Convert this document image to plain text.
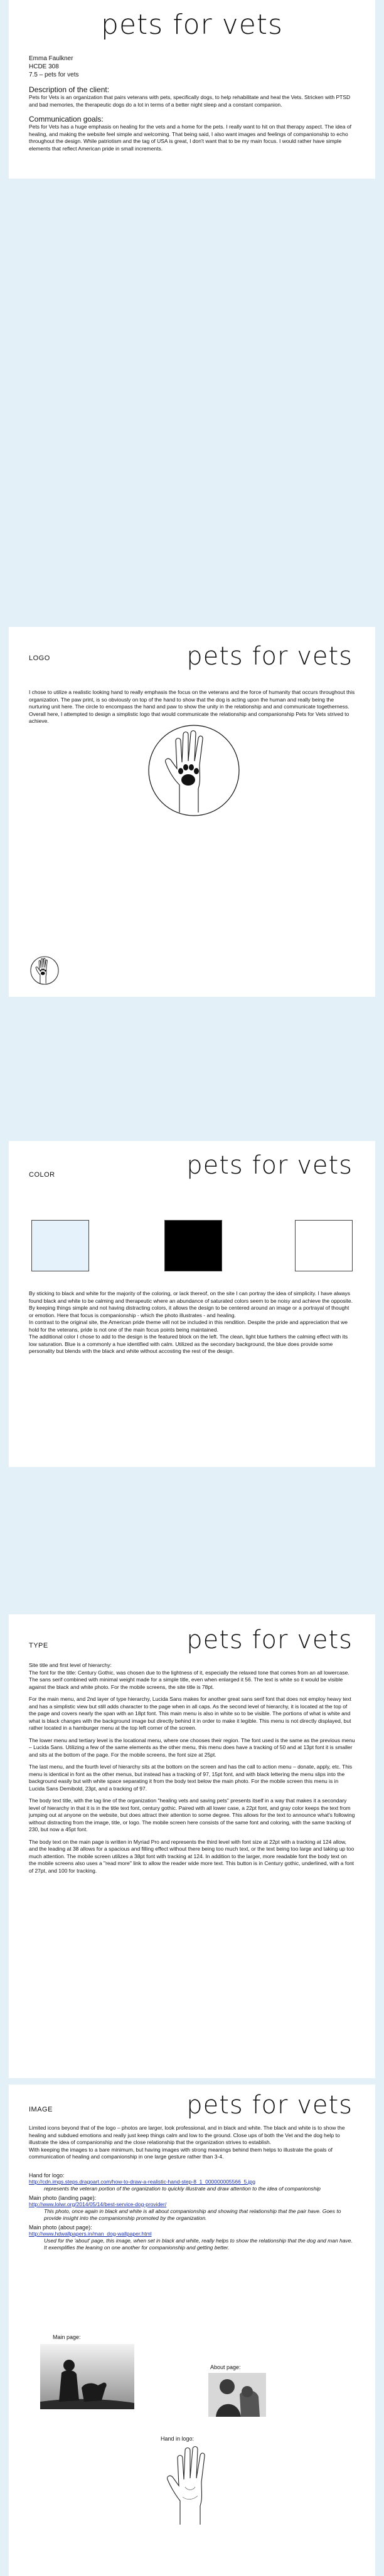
pets for vets
Emma Faulkner
HCDE 308
7.5 – pets for vets
Description of the client:

Pets for Vets is an organization that pairs veterans with pets, specifically dogs, to help rehabilitate and heal the Vets. Stricken with PTSD and bad memories, the therapeutic dogs do a lot in terms of a better night sleep and a constant companion.

Communication goals:

Pets for Vets has a huge emphasis on healing for the vets and a home for the pets. I really want to hit on that therapy aspect. The idea of healing, and making the website feel simple and welcoming. That being said, I also want images and feelings of companionship to echo throughout the design. While patriotism and the tag of USA is great, I don't want that to be my main focus. I would rather have simple elements that reflect American pride in small increments.

LOGO	pets for vets

I chose to utilize a realistic looking hand to really emphasis the focus on the veterans and the force of humanity that occurs throughout this organization. The paw print, is so obviously on top of the hand to show that the dog is acting upon the human and really being the nurturing unit here. The circle to encompass the hand and paw to show the unity in the relationship and and communicate togetherness. Overall here, I attempted to design a simplistic logo that would communicate the relationship and companionship Pets for Vets strived to achieve.

COLOR	pets for vets

By sticking to black and white for the majority of the coloring, or lack thereof, on the site I can portray the idea of simplicity. I have always found black and white to be calming and therapeutic where an abundance of saturated colors seem to be noisy and achieve the opposite. By keeping things simple and not having distracting colors, it allows the design to be centered around an image or a portrayal of thought or emotion. Here that focus is companionship - which the photo illustrates - and healing.

In contrast to the original site, the American pride theme will not be included in this rendition. Despite the pride and appreciation that we hold for the veterans, pride is not one of the main focus points being maintained.

The additional color I chose to add to the design is the featured block on the left. The clean, light blue furthers the calming effect with its low saturation. Blue is a commonly a hue identified with calm. Utilized as the secondary background, the blue does provide some personality but blends with the black and white without accosting the rest of the design.

TYPE	pets for vets

Site title and first level of hierarchy:

The font for the title: Century Gothic, was chosen due to the lightness of it, especially the relaxed tone that comes from an all lowercase. The sans serif combined with minimal weight made for a simple title, even when enlarged it 56. The text is white so it would be visible against the black and white photo. For the mobile screens, the site title is 78pt.

For the main menu, and 2nd layer of type hierarchy, Lucida Sans makes for another great sans serif font that does not employ heavy text and has a simplistic view but still adds character to the page when in all caps. As the second level of hierarchy, it is located at the top of the page and covers nearly the span with an 18pt font. This main menu is also in white so to be visible. The portions of what is white and what is black changes with the background image but directly behind it in order to make it legible. This menu is not directly displayed, but rather located in a hamburger menu at the top left corner of the screen.

The lower menu and tertiary level is the locational menu, where one chooses their region. The font used is the same as the previous menu – Lucida Sans. Utilizing a few of the same elements as the other menu, this menu does have a tracking of 50 and at 13pt font it is smaller and sits at the bottom of the page. For the mobile screens, the font size at 25pt.

The last menu, and the fourth level of hierarchy sits at the bottom on the screen and has the call to action menu – donate, apply, etc. This menu is identical in font as the other menus, but instead has a tracking of 97, 15pt font, and with black lettering the menu slips into the background easily but with white space separating it from the body text below the main photo. For the mobile screen this menu is in Lucida Sans Demibold, 23pt, and a tracking of 97.

The body text title, with the tag line of the organization "healing vets and saving pets" presents itself in a way that makes it a secondary level of hierarchy in that it is in the title text font, century gothic. Paired with all lower case, a 22pt font, and gray color keeps the text from jumping out at anyone on the website, but does attract their attention to some degree. This allows for the text to announce what's following without distracting from the image, title, or logo. The mobile screen here consists of the same font and coloring, with the same tracking of 230, but now a 45pt font.

The body text on the main page is written in Myriad Pro and represents the third level with font size at 22pt with a tracking at 124 allow, and the leading at 38 allows for a spacious and filling effect without there being too much text, or the text being too large and taking up too much attention. The mobile screen utilizes a 38pt font with tracking at 124. In addition to the larger, more readable font the body text on the mobile screens also uses a "read more" link to allow the reader wide more text. This button is in Century gothic, underlined, with a font of 27pt, and 100 for tracking.

IMAGE	pets for vets

Limited icons beyond that of the logo – photos are larger, look professional, and in black and white. The black and white is to show the healing and subdued emotions and really just keep things calm and low to the ground. Close ups of both the Vet and the dog help to illustrate the idea of companionship and the close relationship that the organization strives to establish.

With keeping the images to a bare minimum, but having images with strong meanings behind them helps to illustrate the goals of communication of healing and companionship in one large gesture rather than 3-4.

Hand for logo:
http://cdn.imgs.steps.dragoart.com/how-to-draw-a-realistic-hand-step-8_1_000000005566_5.jpg
represents the veteran portion of the organization to quickly illustrate and draw attention to the idea of companionship
Main photo (landing page):
http://www.lolwr.org/2014/05/14/best-service-dog-provider/
This photo, once again in black and white is all about companionship and showing that relationship that the pair have. Goes to provide insight into the companionship promoted by the organization.
Main photo (about page):
http://www.hdwallpapers.in/man_dog-wallpaper.html
Used for the 'about' page, this image, when set in black and white, really helps to show the relationship that the dog and man have. It exemplifies the leaning on one another for companionship and getting better.
Main page:
About page:
Hand in logo:
